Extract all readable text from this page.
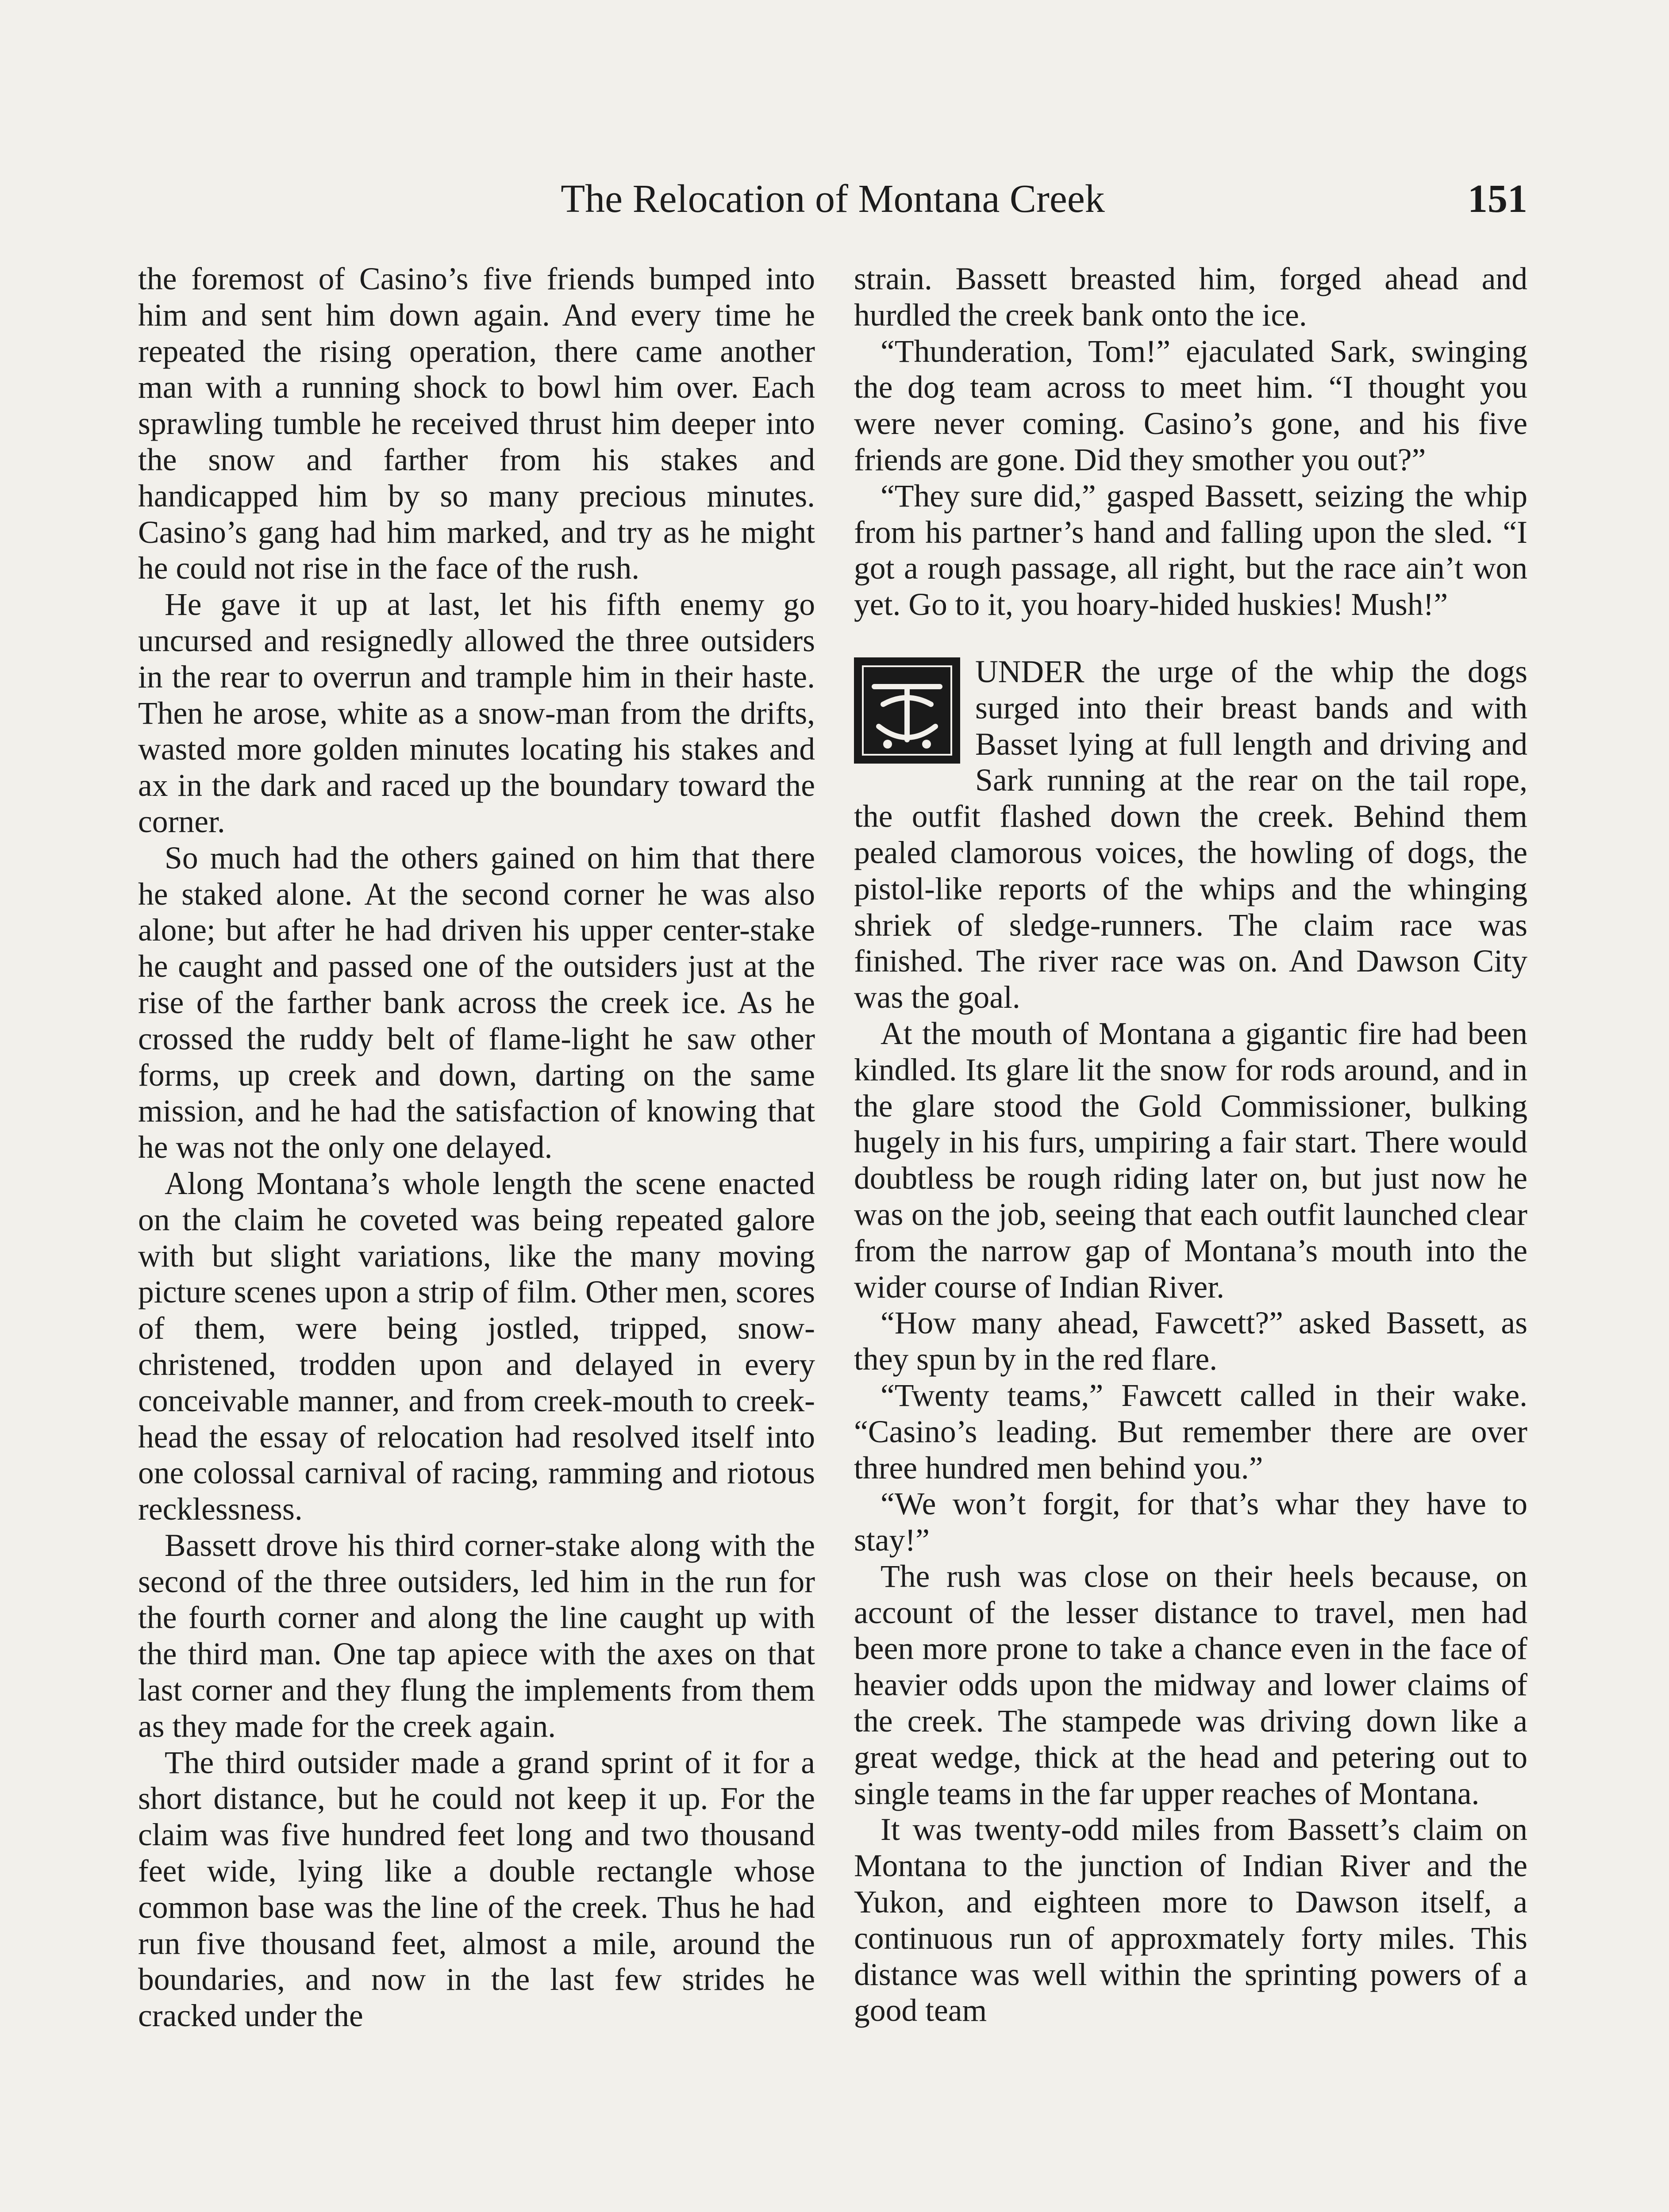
The Relocation of Montana Creek	151

the foremost of Casino’s five friends bumped into him and sent him down again. And every time he repeated the rising operation, there came another man with a running shock to bowl him over. Each sprawling tumble he received thrust him deeper into the snow and farther from his stakes and handicapped him by so many precious minutes. Casino’s gang had him marked, and try as he might he could not rise in the face of the rush.

He gave it up at last, let his fifth enemy go uncursed and resignedly allowed the three outsiders in the rear to overrun and trample him in their haste. Then he arose, white as a snow-man from the drifts, wasted more golden minutes locating his stakes and ax in the dark and raced up the boundary toward the corner.

So much had the others gained on him that there he staked alone. At the second corner he was also alone; but after he had driven his upper center-stake he caught and passed one of the outsiders just at the rise of the farther bank across the creek ice. As he crossed the ruddy belt of flame-light he saw other forms, up creek and down, darting on the same mission, and he had the satisfaction of knowing that he was not the only one delayed.

Along Montana’s whole length the scene enacted on the claim he coveted was being repeated galore with but slight variations, like the many moving picture scenes upon a strip of film. Other men, scores of them, were being jostled, tripped, snow-christened, trodden upon and delayed in every conceivable manner, and from creek-mouth to creek-head the essay of relocation had resolved itself into one colossal carnival of racing, ramming and riotous recklessness.

Bassett drove his third corner-stake along with the second of the three outsiders, led him in the run for the fourth corner and along the line caught up with the third man. One tap apiece with the axes on that last corner and they flung the implements from them as they made for the creek again.

The third outsider made a grand sprint of it for a short distance, but he could not keep it up. For the claim was five hundred feet long and two thousand feet wide, lying like a double rectangle whose common base was the line of the creek. Thus he had run five thousand feet, almost a mile, around the boundaries, and now in the last few strides he cracked under the

strain. Bassett breasted him, forged ahead and hurdled the creek bank onto the ice.

“Thunderation, Tom!” ejaculated Sark, swinging the dog team across to meet him. “I thought you were never coming. Casino’s gone, and his five friends are gone. Did they smother you out?”

“They sure did,” gasped Bassett, seizing the whip from his partner’s hand and falling upon the sled. “I got a rough passage, all right, but the race ain’t won yet. Go to it, you hoary-hided huskies! Mush!”

UNDER the urge of the whip the dogs surged into their breast bands and with Basset lying at full length and driving and Sark running at the rear on the tail rope, the outfit flashed down the creek. Behind them pealed clamorous voices, the howling of dogs, the pistol-like reports of the whips and the whinging shriek of sledge-runners. The claim race was finished. The river race was on. And Dawson City was the goal.

At the mouth of Montana a gigantic fire had been kindled. Its glare lit the snow for rods around, and in the glare stood the Gold Commissioner, bulking hugely in his furs, umpiring a fair start. There would doubtless be rough riding later on, but just now he was on the job, seeing that each outfit launched clear from the narrow gap of Montana’s mouth into the wider course of Indian River.

“How many ahead, Fawcett?” asked Bassett, as they spun by in the red flare.

“Twenty teams,” Fawcett called in their wake. “Casino’s leading. But remember there are over three hundred men behind you.”

“We won’t forgit, for that’s whar they have to stay!”

The rush was close on their heels because, on account of the lesser distance to travel, men had been more prone to take a chance even in the face of heavier odds upon the midway and lower claims of the creek. The stampede was driving down like a great wedge, thick at the head and petering out to single teams in the far upper reaches of Montana.

It was twenty-odd miles from Bassett’s claim on Montana to the junction of Indian River and the Yukon, and eighteen more to Dawson itself, a continuous run of approxmately forty miles. This distance was well within the sprinting powers of a good team
